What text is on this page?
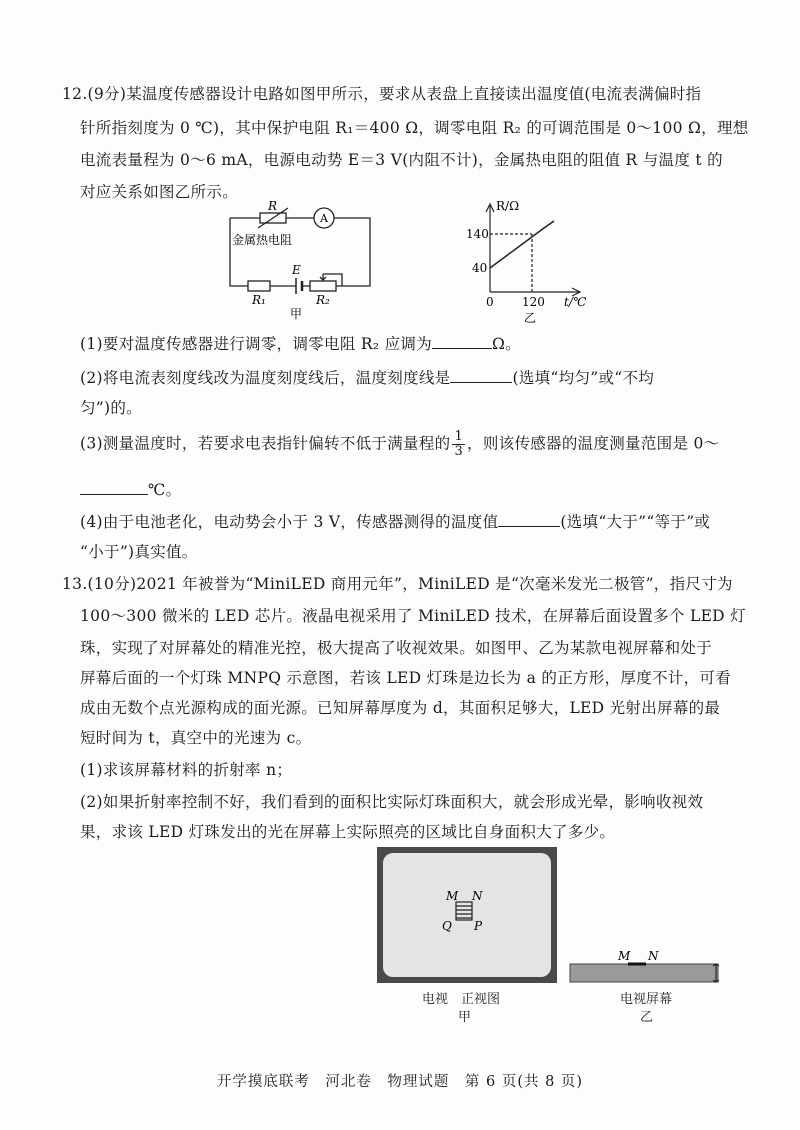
12.(9分)某温度传感器设计电路如图甲所示，要求从表盘上直接读出温度值(电流表满偏时指
针所指刻度为 0 ℃)，其中保护电阻 R₁＝400 Ω，调零电阻 R₂ 的可调范围是 0～100 Ω，理想
电流表量程为 0～6 mA，电源电动势 E＝3 V(内阻不计)，金属热电阻的阻值 R 与温度 t 的
对应关系如图乙所示。
A
R
金属热电阻
E
R₁	R₂
甲
R/Ω
140
40
0 120 t/℃
乙
(1)要对温度传感器进行调零，调零电阻 R₂ 应调为	Ω。
(2)将电流表刻度线改为温度刻度线后，温度刻度线是	(选填“均匀”或“不均
匀”)的。
(3)测量温度时，若要求电表指针偏转不低于满量程的 $\frac{1}{3}$ ，则该传感器的温度测量范围是 0～
℃。
(4)由于电池老化，电动势会小于 3 V，传感器测得的温度值	(选填“大于”“等于”或
“小于”)真实值。
13.(10分)2021 年被誉为“MiniLED 商用元年”，MiniLED 是“次毫米发光二极管”，指尺寸为
100～300 微米的 LED 芯片。液晶电视采用了 MiniLED 技术，在屏幕后面设置多个 LED 灯
珠，实现了对屏幕处的精准光控，极大提高了收视效果。如图甲、乙为某款电视屏幕和处于
屏幕后面的一个灯珠 MNPQ 示意图，若该 LED 灯珠是边长为 a 的正方形，厚度不计，可看
成由无数个点光源构成的面光源。已知屏幕厚度为 d，其面积足够大，LED 光射出屏幕的最
短时间为 t，真空中的光速为 c。
(1)求该屏幕材料的折射率 n；
(2)如果折射率控制不好，我们看到的面积比实际灯珠面积大，就会形成光晕，影响收视效
果，求该 LED 灯珠发出的光在屏幕上实际照亮的区域比自身面积大了多少。
M N
Q P
电视　正视图
甲
M N
电视屏幕
乙
开学摸底联考　河北卷　物理试题　第 6 页(共 8 页)
